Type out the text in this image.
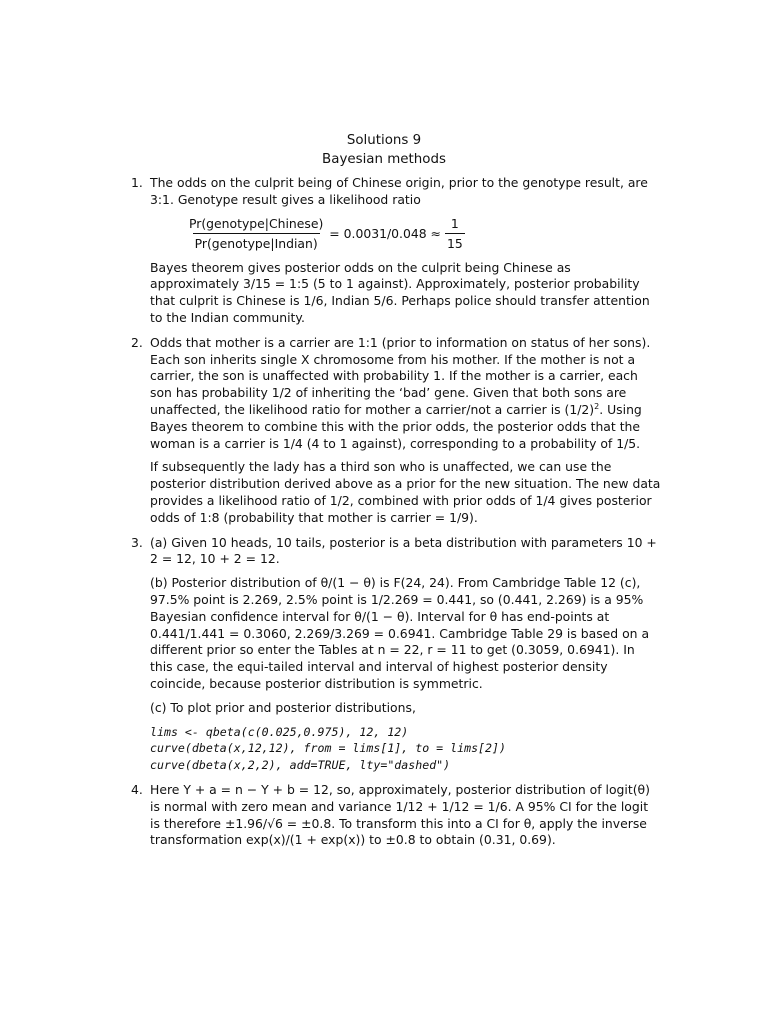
Solutions 9
Bayesian methods
1. The odds on the culprit being of Chinese origin, prior to the genotype result, are 3:1. Genotype result gives a likelihood ratio

$\frac{\text{Pr(genotype|Chinese)}}{\text{Pr(genotype|Indian)}} = 0.0031/0.048 \approx \frac{1}{15}$

Bayes theorem gives posterior odds on the culprit being Chinese as approximately 3/15 = 1:5 (5 to 1 against). Approximately, posterior probability that culprit is Chinese is 1/6, Indian 5/6. Perhaps police should transfer attention to the Indian community.

2. Odds that mother is a carrier are 1:1 (prior to information on status of her sons). Each son inherits single X chromosome from his mother. If the mother is not a carrier, the son is unaffected with probability 1. If the mother is a carrier, each son has probability 1/2 of inheriting the ‘bad’ gene. Given that both sons are unaffected, the likelihood ratio for mother a carrier/not a carrier is $(1/2)^2$. Using Bayes theorem to combine this with the prior odds, the posterior odds that the woman is a carrier is 1/4 (4 to 1 against), corresponding to a probability of 1/5.

If subsequently the lady has a third son who is unaffected, we can use the posterior distribution derived above as a prior for the new situation. The new data provides a likelihood ratio of 1/2, combined with prior odds of 1/4 gives posterior odds of 1:8 (probability that mother is carrier = 1/9).

3. (a) Given 10 heads, 10 tails, posterior is a beta distribution with parameters 10 + 2 = 12, 10 + 2 = 12.

(b) Posterior distribution of θ/(1 − θ) is F(24, 24). From Cambridge Table 12 (c), 97.5% point is 2.269, 2.5% point is 1/2.269 = 0.441, so (0.441, 2.269) is a 95% Bayesian confidence interval for θ/(1 − θ). Interval for θ has end-points at 0.441/1.441 = 0.3060, 2.269/3.269 = 0.6941. Cambridge Table 29 is based on a different prior so enter the Tables at n = 22, r = 11 to get (0.3059, 0.6941). In this case, the equi-tailed interval and interval of highest posterior density coincide, because posterior distribution is symmetric.

(c) To plot prior and posterior distributions,

lims <- qbeta(c(0.025,0.975), 12, 12)
curve(dbeta(x,12,12), from = lims[1], to = lims[2])
curve(dbeta(x,2,2), add=TRUE, lty="dashed")
4. Here Y + a = n − Y + b = 12, so, approximately, posterior distribution of logit(θ) is normal with zero mean and variance 1/12 + 1/12 = 1/6. A 95% CI for the logit is therefore ±1.96/√6 = ±0.8. To transform this into a CI for θ, apply the inverse transformation exp(x)/(1 + exp(x)) to ±0.8 to obtain (0.31, 0.69).
